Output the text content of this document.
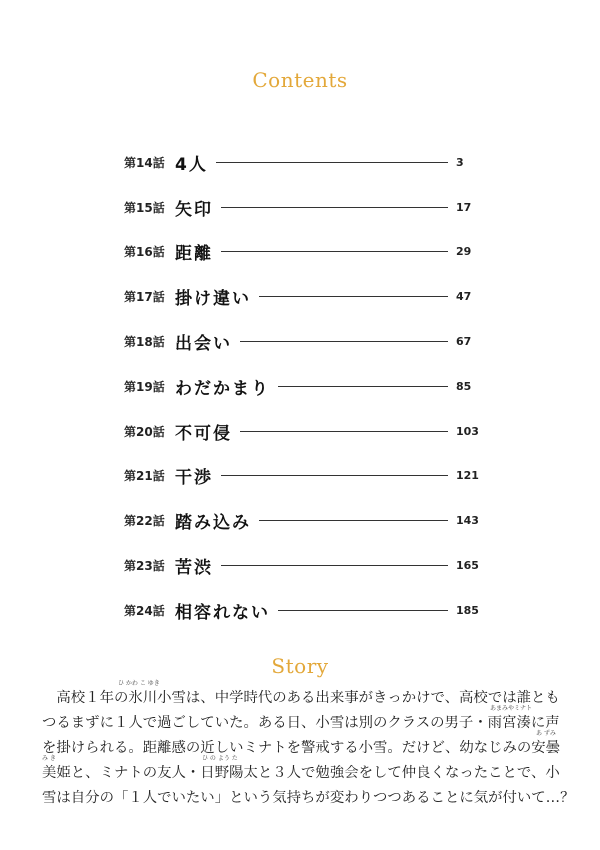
Contents
第14話 4人	3
第15話 矢印	17
第16話 距離	29
第17話 掛け違い	47
第18話 出会い	67
第19話 わだかまり	85
第20話 不可侵	103
第21話 干渉	121
第22話 踏み込み	143
第23話 苦渋	165
第24話 相容れない	185
Story
ひ かわ こ ゆき
　高校１年の氷川小雪は、中学時代のある出来事がきっかけで、高校では誰とも
あまみやミナト
つるまずに１人で過ごしていた。ある日、小雪は別のクラスの男子・雨宮湊に声
あ ずみ
を掛けられる。距離感の近しいミナトを警戒する小雪。だけど、幼なじみの安曇
み き	ひ の よう た
美姫と、ミナトの友人・日野陽太と３人で勉強会をして仲良くなったことで、小
雪は自分の「１人でいたい」という気持ちが変わりつつあることに気が付いて…？
